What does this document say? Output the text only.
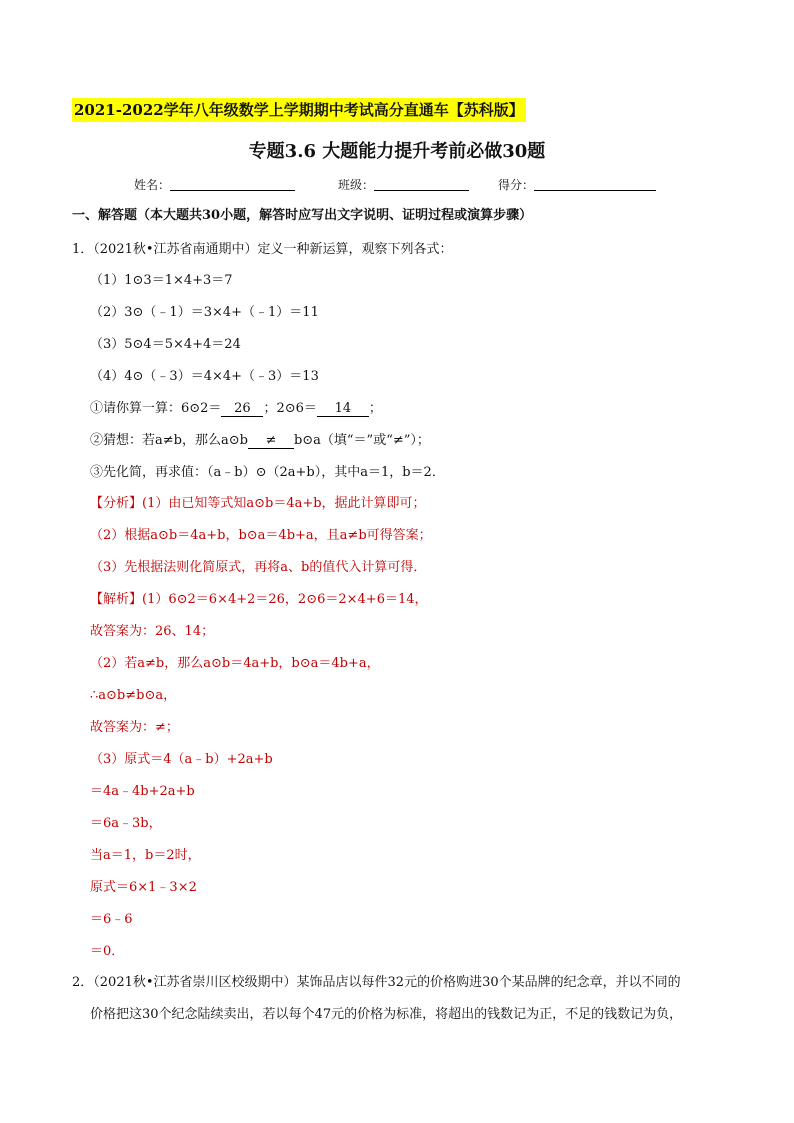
2021-2022学年八年级数学上学期期中考试高分直通车【苏科版】
专题3.6 大题能力提升考前必做30题
姓名：	班级：	得分：
一、解答题（本大题共30小题，解答时应写出文字说明、证明过程或演算步骤）
1．（2021秋•江苏省南通期中）定义一种新运算，观察下列各式：
（1）1⊙3＝1×4+3＝7
（2）3⊙（﹣1）＝3×4+（﹣1）＝11
（3）5⊙4＝5×4+4＝24
（4）4⊙（﹣3）＝4×4+（﹣3）＝13
①请你算一算：6⊙2＝ 26 ；2⊙6＝ 14 ；
②猜想：若a≠b，那么a⊙b ≠ b⊙a（填“＝”或“≠”）；
③先化简，再求值：（a﹣b）⊙（2a+b），其中a＝1，b＝2．
【分析】(1）由已知等式知a⊙b＝4a+b，据此计算即可；
（2）根据a⊙b＝4a+b，b⊙a＝4b+a，且a≠b可得答案；
（3）先根据法则化简原式，再将a、b的值代入计算可得．
【解析】(1）6⊙2＝6×4+2＝26，2⊙6＝2×4+6＝14，
故答案为：26、14；
（2）若a≠b，那么a⊙b＝4a+b，b⊙a＝4b+a，
∴a⊙b≠b⊙a，
故答案为：≠；
（3）原式＝4（a﹣b）+2a+b
＝4a﹣4b+2a+b
＝6a﹣3b，
当a＝1，b＝2时，
原式＝6×1﹣3×2
＝6﹣6
＝0．
2．（2021秋•江苏省崇川区校级期中）某饰品店以每件32元的价格购进30个某品牌的纪念章，并以不同的
价格把这30个纪念陆续卖出，若以每个47元的价格为标准，将超出的钱数记为正，不足的钱数记为负，
